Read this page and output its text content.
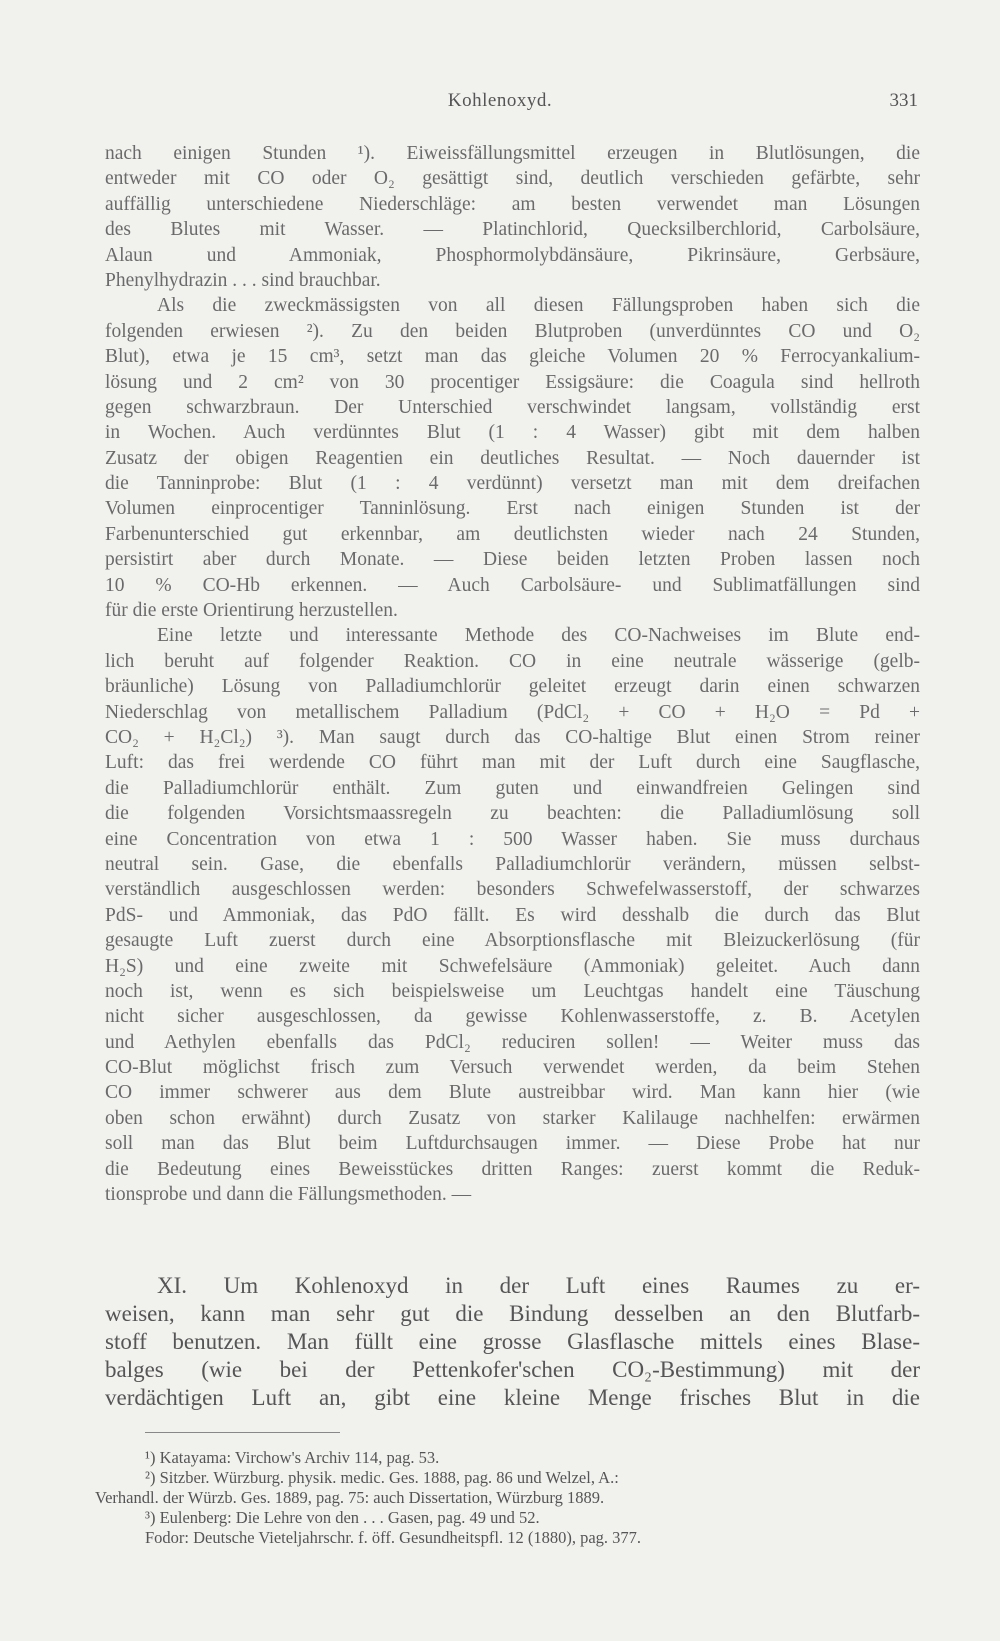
Kohlenoxyd.	331
nach einigen Stunden ¹). Eiweissfällungsmittel erzeugen in Blutlösungen, die
entweder mit CO oder O₂ gesättigt sind, deutlich verschieden gefärbte, sehr
auffällig unterschiedene Niederschläge: am besten verwendet man Lösungen
des Blutes mit Wasser. — Platinchlorid, Quecksilberchlorid, Carbolsäure,
Alaun und Ammoniak, Phosphormolybdänsäure, Pikrinsäure, Gerbsäure,
Phenylhydrazin . . . sind brauchbar.
Als die zweckmässigsten von all diesen Fällungsproben haben sich die
folgenden erwiesen ²). Zu den beiden Blutproben (unverdünntes CO und O₂
Blut), etwa je 15 cm³, setzt man das gleiche Volumen 20 % Ferrocyankalium-
lösung und 2 cm² von 30 procentiger Essigsäure: die Coagula sind hellroth
gegen schwarzbraun. Der Unterschied verschwindet langsam, vollständig erst
in Wochen. Auch verdünntes Blut (1 : 4 Wasser) gibt mit dem halben
Zusatz der obigen Reagentien ein deutliches Resultat. — Noch dauernder ist
die Tanninprobe: Blut (1 : 4 verdünnt) versetzt man mit dem dreifachen
Volumen einprocentiger Tanninlösung. Erst nach einigen Stunden ist der
Farbenunterschied gut erkennbar, am deutlichsten wieder nach 24 Stunden,
persistirt aber durch Monate. — Diese beiden letzten Proben lassen noch
10 % CO-Hb erkennen. — Auch Carbolsäure- und Sublimatfällungen sind
für die erste Orientirung herzustellen.
Eine letzte und interessante Methode des CO-Nachweises im Blute end-
lich beruht auf folgender Reaktion. CO in eine neutrale wässerige (gelb-
bräunliche) Lösung von Palladiumchlorür geleitet erzeugt darin einen schwarzen
Niederschlag von metallischem Palladium (PdCl₂ + CO + H₂O = Pd +
CO₂ + H₂Cl₂) ³). Man saugt durch das CO-haltige Blut einen Strom reiner
Luft: das frei werdende CO führt man mit der Luft durch eine Saugflasche,
die Palladiumchlorür enthält. Zum guten und einwandfreien Gelingen sind
die folgenden Vorsichtsmaassregeln zu beachten: die Palladiumlösung soll
eine Concentration von etwa 1 : 500 Wasser haben. Sie muss durchaus
neutral sein. Gase, die ebenfalls Palladiumchlorür verändern, müssen selbst-
verständlich ausgeschlossen werden: besonders Schwefelwasserstoff, der schwarzes
PdS- und Ammoniak, das PdO fällt. Es wird desshalb die durch das Blut
gesaugte Luft zuerst durch eine Absorptionsflasche mit Bleizuckerlösung (für
H₂S) und eine zweite mit Schwefelsäure (Ammoniak) geleitet. Auch dann
noch ist, wenn es sich beispielsweise um Leuchtgas handelt eine Täuschung
nicht sicher ausgeschlossen, da gewisse Kohlenwasserstoffe, z. B. Acetylen
und Aethylen ebenfalls das PdCl₂ reduciren sollen! — Weiter muss das
CO-Blut möglichst frisch zum Versuch verwendet werden, da beim Stehen
CO immer schwerer aus dem Blute austreibbar wird. Man kann hier (wie
oben schon erwähnt) durch Zusatz von starker Kalilauge nachhelfen: erwärmen
soll man das Blut beim Luftdurchsaugen immer. — Diese Probe hat nur
die Bedeutung eines Beweisstückes dritten Ranges: zuerst kommt die Reduk-
tionsprobe und dann die Fällungsmethoden. —
XI. Um Kohlenoxyd in der Luft eines Raumes zu er-
weisen, kann man sehr gut die Bindung desselben an den Blutfarb-
stoff benutzen. Man füllt eine grosse Glasflasche mittels eines Blase-
balges (wie bei der Pettenkofer'schen CO₂-Bestimmung) mit der
verdächtigen Luft an, gibt eine kleine Menge frisches Blut in die
¹) Katayama: Virchow's Archiv 114, pag. 53.
²) Sitzber. Würzburg. physik. medic. Ges. 1888, pag. 86 und Welzel, A.:
Verhandl. der Würzb. Ges. 1889, pag. 75: auch Dissertation, Würzburg 1889.
³) Eulenberg: Die Lehre von den . . . Gasen, pag. 49 und 52.
Fodor: Deutsche Vieteljahrschr. f. öff. Gesundheitspfl. 12 (1880), pag. 377.
